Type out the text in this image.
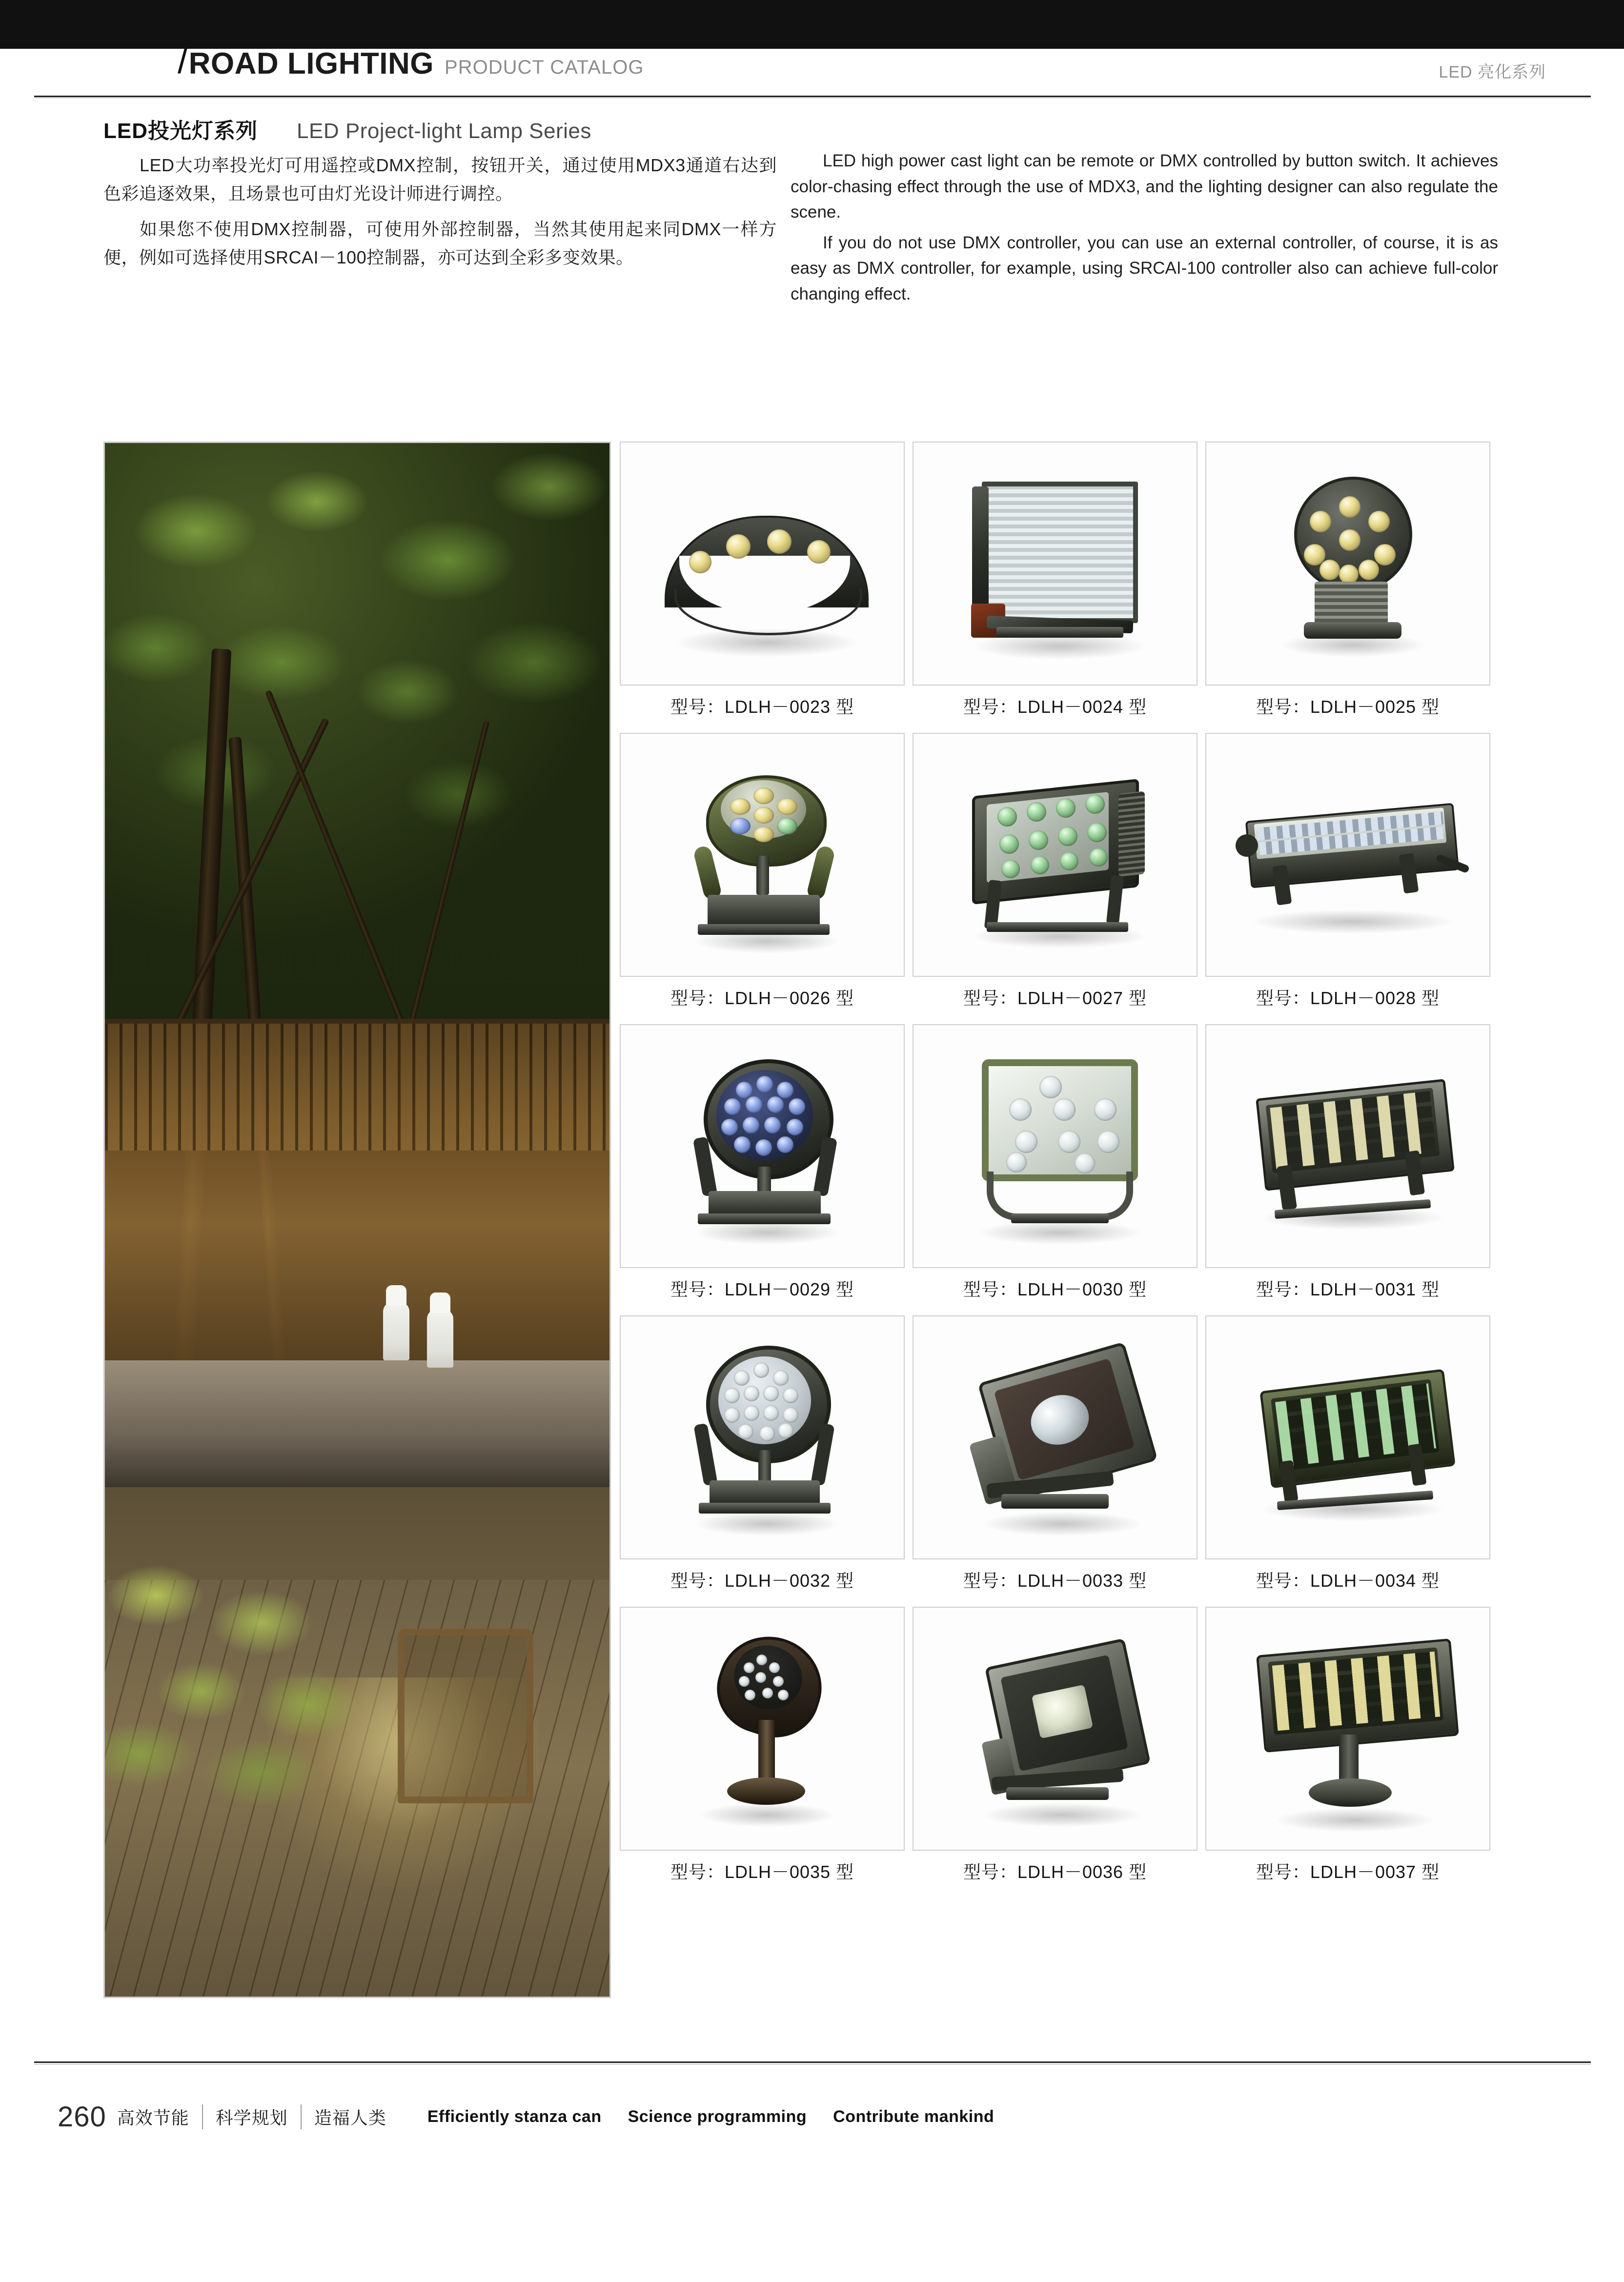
道路照明 / ROAD LIGHTING PRODUCT CATALOG	LED 亮化系列
LED投光灯系列 LED Project-light Lamp Series

LED大功率投光灯可用遥控或DMX控制，按钮开关，通过使用MDX3通道右达到色彩追逐效果，且场景也可由灯光设计师进行调控。

如果您不使用DMX控制器，可使用外部控制器，当然其使用起来同DMX一样方便，例如可选择使用SRCAI－100控制器，亦可达到全彩多变效果。

LED high power cast light can be remote or DMX controlled by button switch. It achieves color-chasing effect through the use of MDX3, and the lighting designer can also regulate the scene.

If you do not use DMX controller, you can use an external controller, of course, it is as easy as DMX controller, for example, using SRCAI-100 controller also can achieve full-color changing effect.

型号：LDLH－0023 型	型号：LDLH－0024 型	型号：LDLH－0025 型
型号：LDLH－0026 型	型号：LDLH－0027 型	型号：LDLH－0028 型
型号：LDLH－0029 型	型号：LDLH－0030 型	型号：LDLH－0031 型
型号：LDLH－0032 型	型号：LDLH－0033 型	型号：LDLH－0034 型
型号：LDLH－0035 型	型号：LDLH－0036 型	型号：LDLH－0037 型
260 高效节能	科学规划	造福人类	Efficiently stanza can Science programming Contribute mankind
